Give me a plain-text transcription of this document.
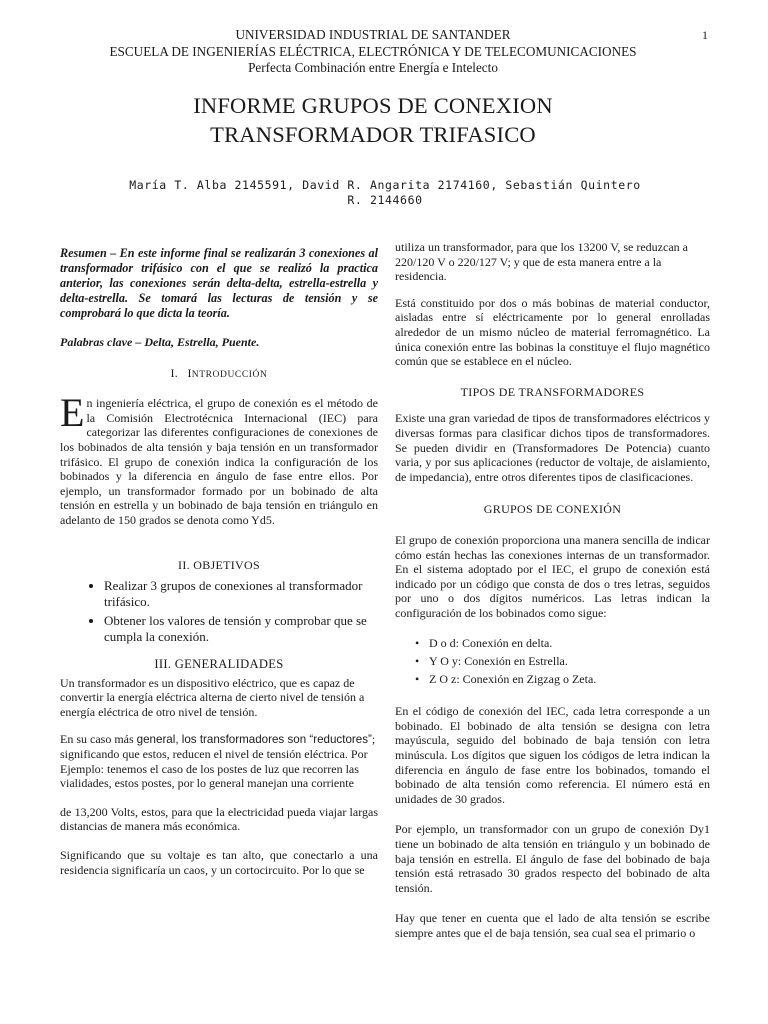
1
UNIVERSIDAD INDUSTRIAL DE SANTANDER
ESCUELA DE INGENIERÍAS ELÉCTRICA, ELECTRÓNICA Y DE TELECOMUNICACIONES
Perfecta Combinación entre Energía e Intelecto
INFORME GRUPOS DE CONEXION
TRANSFORMADOR TRIFASICO
María T. Alba 2145591, David R. Angarita 2174160, Sebastián Quintero
R. 2144660

Resumen – En este informe final se realizarán 3 conexiones al transformador trifásico con el que se realizó la practica anterior, las conexiones serán delta-delta, estrella-estrella y delta-estrella. Se tomará las lecturas de tensión y se comprobará lo que dicta la teoría.

Palabras clave – Delta, Estrella, Puente.

I. INTRODUCCIÓN

En ingeniería eléctrica, el grupo de conexión es el método de la Comisión Electrotécnica Internacional (IEC) para categorizar las diferentes configuraciones de conexiones de los bobinados de alta tensión y baja tensión en un transformador trifásico. El grupo de conexión indica la configuración de los bobinados y la diferencia en ángulo de fase entre ellos. Por ejemplo, un transformador formado por un bobinado de alta tensión en estrella y un bobinado de baja tensión en triángulo en adelanto de 150 grados se denota como Yd5.

II. OBJETIVOS
• Realizar 3 grupos de conexiones al transformador trifásico.
• Obtener los valores de tensión y comprobar que se cumpla la conexión.
III. GENERALIDADES

Un transformador es un dispositivo eléctrico, que es capaz de convertir la energía eléctrica alterna de cierto nivel de tensión a energía eléctrica de otro nivel de tensión.

En su caso más general, los transformadores son “reductores”; significando que estos, reducen el nivel de tensión eléctrica. Por Ejemplo: tenemos el caso de los postes de luz que recorren las vialidades, estos postes, por lo general manejan una corriente

de 13,200 Volts, estos, para que la electricidad pueda viajar largas distancias de manera más económica.

Significando que su voltaje es tan alto, que conectarlo a una residencia significaría un caos, y un cortocircuito. Por lo que se

utiliza un transformador, para que los 13200 V, se reduzcan a 220/120 V o 220/127 V; y que de esta manera entre a la residencia.

Está constituido por dos o más bobinas de material conductor, aisladas entre sí eléctricamente por lo general enrolladas alrededor de un mismo núcleo de material ferromagnético. La única conexión entre las bobinas la constituye el flujo magnético común que se establece en el núcleo.

TIPOS DE TRANSFORMADORES

Existe una gran variedad de tipos de transformadores eléctricos y diversas formas para clasificar dichos tipos de transformadores. Se pueden dividir en (Transformadores De Potencia) cuanto varia, y por sus aplicaciones (reductor de voltaje, de aislamiento, de impedancia), entre otros diferentes tipos de clasificaciones.

GRUPOS DE CONEXIÓN

El grupo de conexión proporciona una manera sencilla de indicar cómo están hechas las conexiones internas de un transformador. En el sistema adoptado por el IEC, el grupo de conexión está indicado por un código que consta de dos o tres letras, seguidos por uno o dos dígitos numéricos. Las letras indican la configuración de los bobinados como sigue:

• D o d: Conexión en delta.
• Y O y: Conexión en Estrella.
• Z O z: Conexión en Zigzag o Zeta.

En el código de conexión del IEC, cada letra corresponde a un bobinado. El bobinado de alta tensión se designa con letra mayúscula, seguido del bobinado de baja tensión con letra minúscula. Los dígitos que siguen los códigos de letra indican la diferencia en ángulo de fase entre los bobinados, tomando el bobinado de alta tensión como referencia. El número está en unidades de 30 grados.

Por ejemplo, un transformador con un grupo de conexión Dy1 tiene un bobinado de alta tensión en triángulo y un bobinado de baja tensión en estrella. El ángulo de fase del bobinado de baja tensión está retrasado 30 grados respecto del bobinado de alta tensión.

Hay que tener en cuenta que el lado de alta tensión se escribe siempre antes que el de baja tensión, sea cual sea el primario o
